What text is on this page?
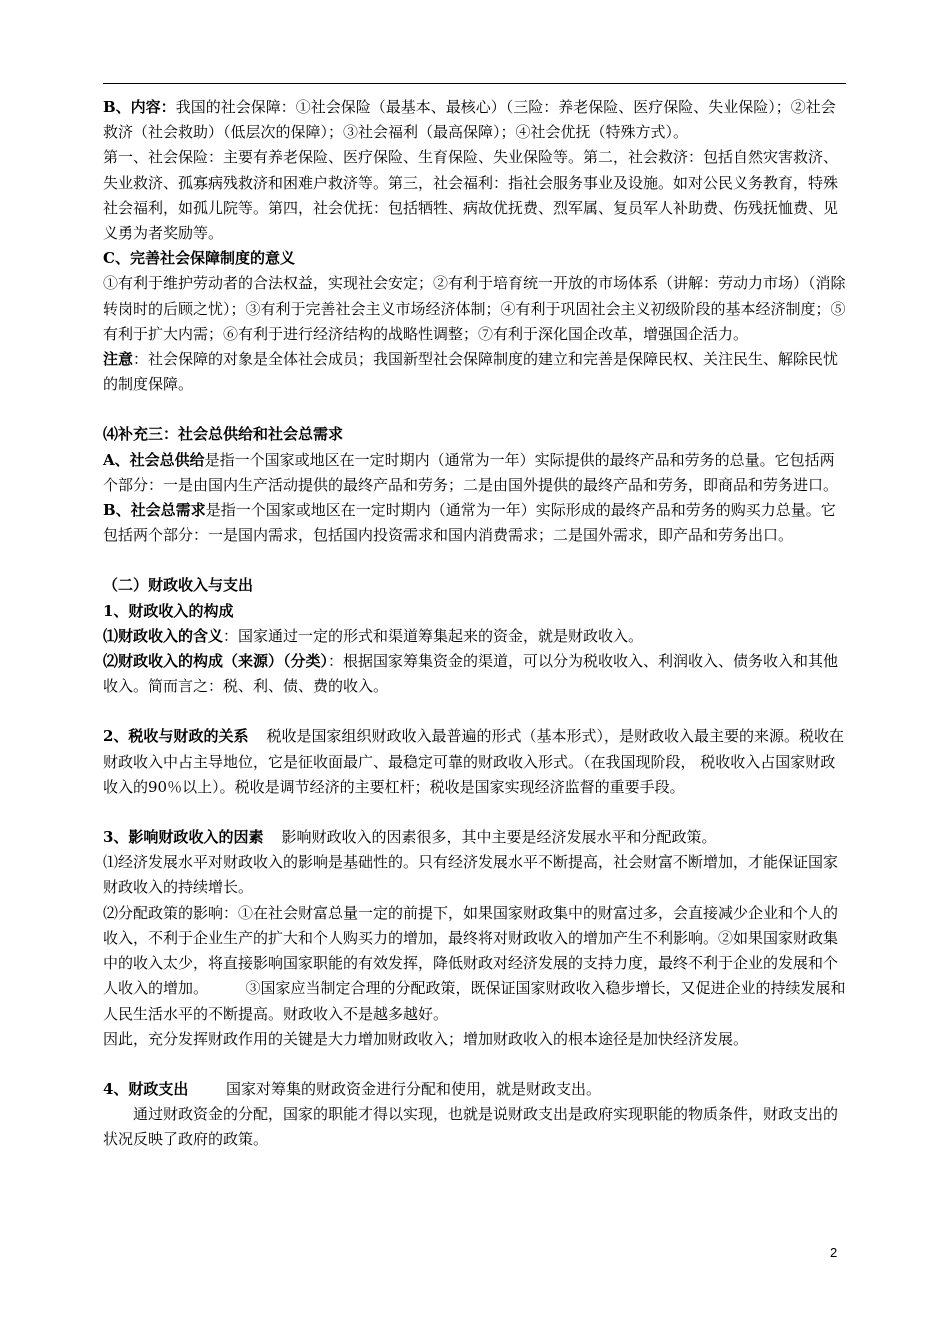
B、内容：我国的社会保障：①社会保险（最基本、最核心）（三险：养老保险、医疗保险、失业保险）；②社会救济（社会救助）（低层次的保障）；③社会福利（最高保障）；④社会优抚（特殊方式）。

第一、社会保险：主要有养老保险、医疗保险、生育保险、失业保险等。第二，社会救济：包括自然灾害救济、失业救济、孤寡病残救济和困难户救济等。第三，社会福利：指社会服务事业及设施。如对公民义务教育，特殊社会福利，如孤儿院等。第四，社会优抚：包括牺牲、病故优抚费、烈军属、复员军人补助费、伤残抚恤费、见义勇为者奖励等。

C、完善社会保障制度的意义

①有利于维护劳动者的合法权益，实现社会安定；②有利于培育统一开放的市场体系（讲解：劳动力市场）（消除转岗时的后顾之忧）；③有利于完善社会主义市场经济体制；④有利于巩固社会主义初级阶段的基本经济制度；⑤有利于扩大内需；⑥有利于进行经济结构的战略性调整；⑦有利于深化国企改革，增强国企活力。

注意：社会保障的对象是全体社会成员；我国新型社会保障制度的建立和完善是保障民权、关注民生、解除民忧的制度保障。

⑷补充三：社会总供给和社会总需求

A、社会总供给是指一个国家或地区在一定时期内（通常为一年）实际提供的最终产品和劳务的总量。它包括两个部分：一是由国内生产活动提供的最终产品和劳务；二是由国外提供的最终产品和劳务，即商品和劳务进口。

B、社会总需求是指一个国家或地区在一定时期内（通常为一年）实际形成的最终产品和劳务的购买力总量。它包括两个部分：一是国内需求，包括国内投资需求和国内消费需求；二是国外需求，即产品和劳务出口。

（二）财政收入与支出

1、财政收入的构成

⑴财政收入的含义：国家通过一定的形式和渠道筹集起来的资金，就是财政收入。

⑵财政收入的构成（来源）（分类）：根据国家筹集资金的渠道，可以分为税收收入、利润收入、债务收入和其他收入。简而言之：税、利、债、费的收入。

2、税收与财政的关系 税收是国家组织财政收入最普遍的形式（基本形式），是财政收入最主要的来源。税收在财政收入中占主导地位，它是征收面最广、最稳定可靠的财政收入形式。（在我国现阶段， 税收收入占国家财政收入的90％以上）。税收是调节经济的主要杠杆；税收是国家实现经济监督的重要手段。

3、影响财政收入的因素 影响财政收入的因素很多，其中主要是经济发展水平和分配政策。

⑴经济发展水平对财政收入的影响是基础性的。只有经济发展水平不断提高，社会财富不断增加，才能保证国家财政收入的持续增长。

⑵分配政策的影响：①在社会财富总量一定的前提下，如果国家财政集中的财富过多，会直接减少企业和个人的收入，不利于企业生产的扩大和个人购买力的增加，最终将对财政收入的增加产生不利影响。②如果国家财政集中的收入太少，将直接影响国家职能的有效发挥，降低财政对经济发展的支持力度，最终不利于企业的发展和个人收入的增加。	③国家应当制定合理的分配政策，既保证国家财政收入稳步增长，又促进企业的持续发展和人民生活水平的不断提高。财政收入不是越多越好。

因此，充分发挥财政作用的关键是大力增加财政收入；增加财政收入的根本途径是加快经济发展。

4、财政支出	国家对筹集的财政资金进行分配和使用，就是财政支出。

通过财政资金的分配，国家的职能才得以实现，也就是说财政支出是政府实现职能的物质条件，财政支出的状况反映了政府的政策。

2
